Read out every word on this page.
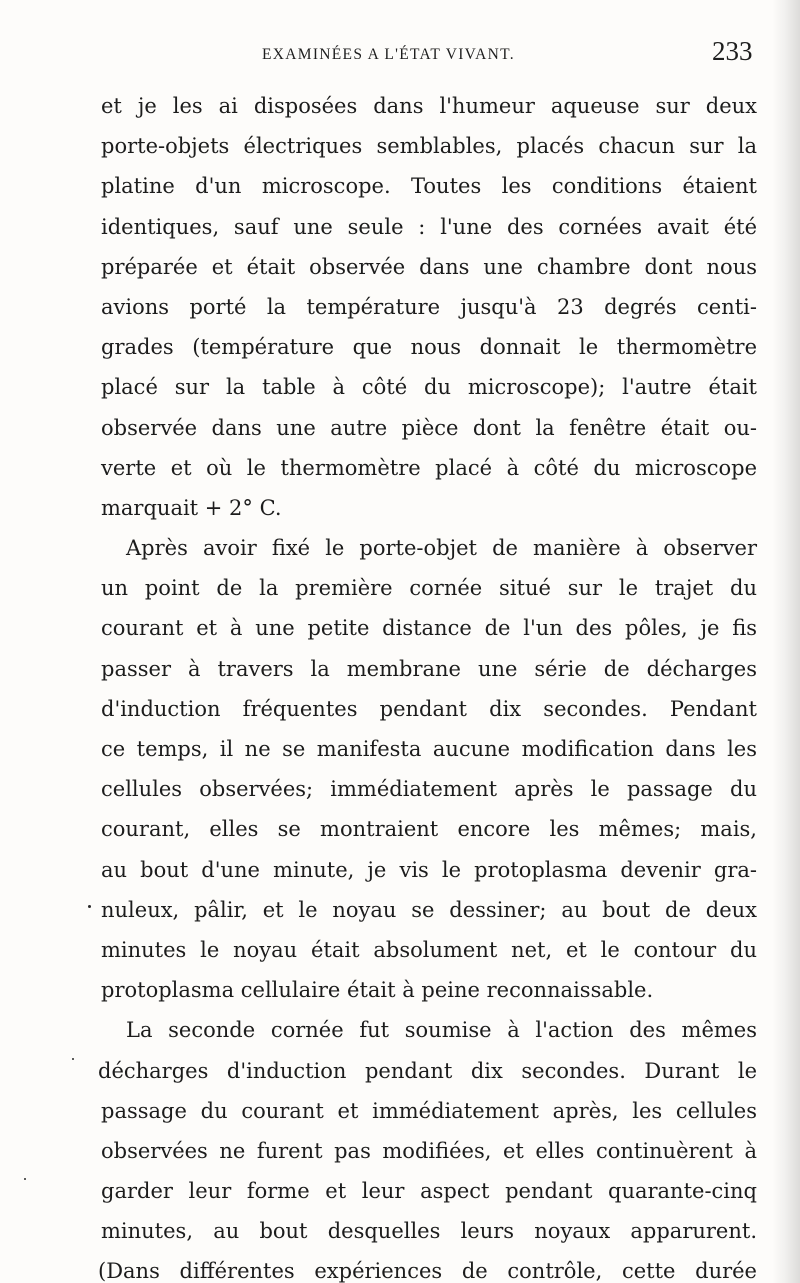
EXAMINÉES A L'ÉTAT VIVANT.	233
et je les ai disposées dans l'humeur aqueuse sur deux
porte-objets électriques semblables, placés chacun sur la
platine d'un microscope. Toutes les conditions étaient
identiques, sauf une seule : l'une des cornées avait été
préparée et était observée dans une chambre dont nous
avions porté la température jusqu'à 23 degrés centi-
grades (température que nous donnait le thermomètre
placé sur la table à côté du microscope); l'autre était
observée dans une autre pièce dont la fenêtre était ou-
verte et où le thermomètre placé à côté du microscope
marquait + 2° C.
Après avoir fixé le porte-objet de manière à observer
un point de la première cornée situé sur le trajet du
courant et à une petite distance de l'un des pôles, je fis
passer à travers la membrane une série de décharges
d'induction fréquentes pendant dix secondes. Pendant
ce temps, il ne se manifesta aucune modification dans les
cellules observées; immédiatement après le passage du
courant, elles se montraient encore les mêmes; mais,
au bout d'une minute, je vis le protoplasma devenir gra-
nuleux, pâlir, et le noyau se dessiner; au bout de deux
minutes le noyau était absolument net, et le contour du
protoplasma cellulaire était à peine reconnaissable.
La seconde cornée fut soumise à l'action des mêmes
décharges d'induction pendant dix secondes. Durant le
passage du courant et immédiatement après, les cellules
observées ne furent pas modifiées, et elles continuèrent à
garder leur forme et leur aspect pendant quarante-cinq
minutes, au bout desquelles leurs noyaux apparurent.
(Dans différentes expériences de contrôle, cette durée
